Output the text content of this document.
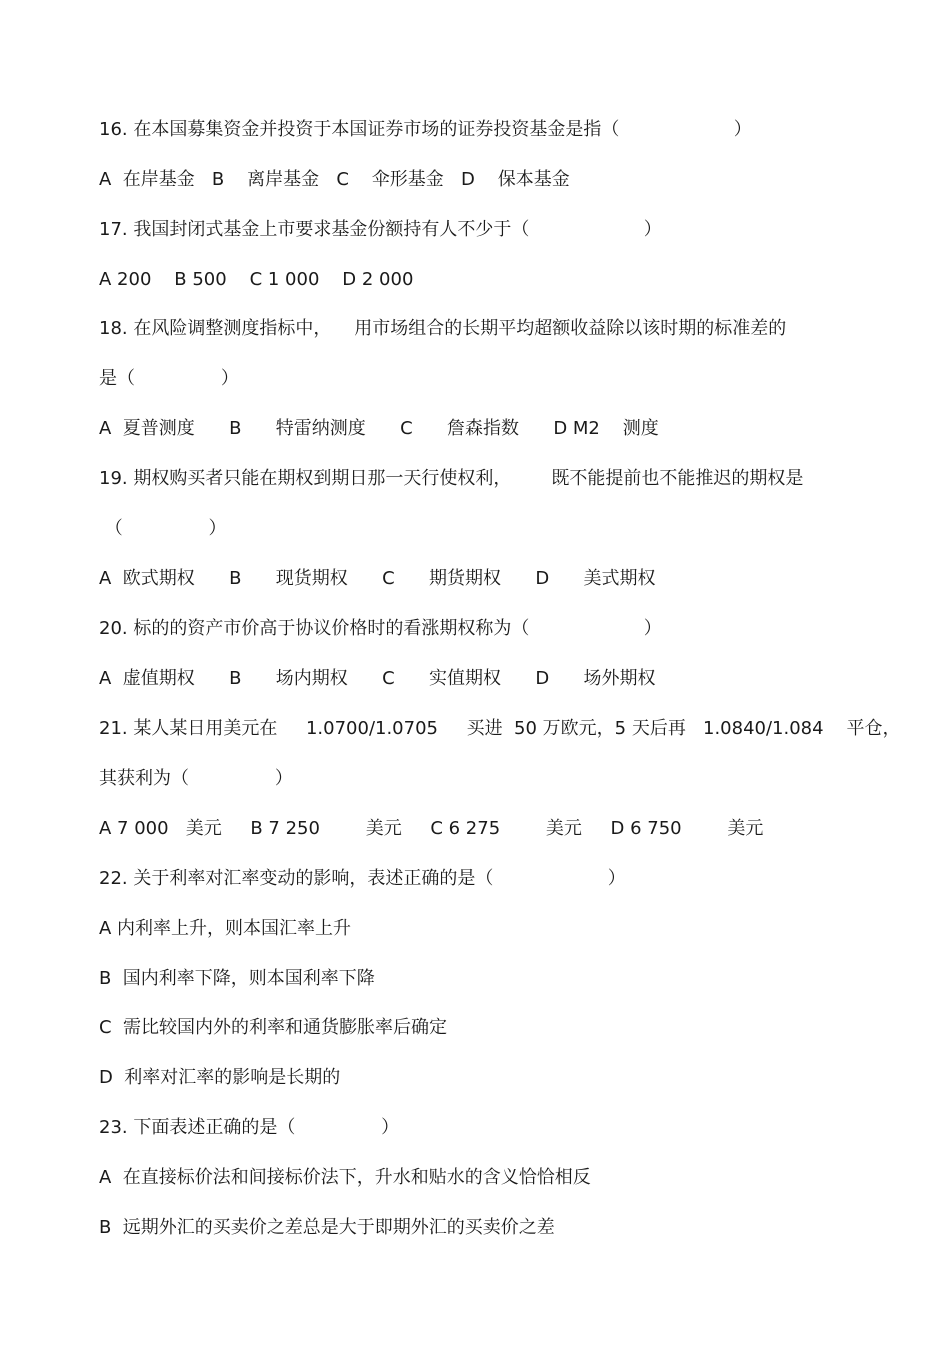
16. 在本国募集资金并投资于本国证券市场的证券投资基金是指（                    ）
A  在岸基金   B    离岸基金   C    伞形基金   D    保本基金
17. 我国封闭式基金上市要求基金份额持有人不少于（                    ）
A 200    B 500    C 1 000    D 2 000
18. 在风险调整测度指标中，    用市场组合的长期平均超额收益除以该时期的标准差的
是（               ）
A  夏普测度      B      特雷纳测度      C      詹森指数      D M2    测度
19. 期权购买者只能在期权到期日那一天行使权利，       既不能提前也不能推迟的期权是
（               ）
A  欧式期权      B      现货期权      C      期货期权      D      美式期权
20. 标的的资产市价高于协议价格时的看涨期权称为（                    ）
A  虚值期权      B      场内期权      C      实值期权      D      场外期权
21. 某人某日用美元在     1.0700/1.0705     买进  50 万欧元，5 天后再   1.0840/1.084    平仓，
其获利为（               ）
A 7 000   美元     B 7 250        美元     C 6 275        美元     D 6 750        美元
22. 关于利率对汇率变动的影响，表述正确的是（                    ）
A 内利率上升，则本国汇率上升
B  国内利率下降，则本国利率下降
C  需比较国内外的利率和通货膨胀率后确定
D  利率对汇率的影响是长期的
23. 下面表述正确的是（               ）
A  在直接标价法和间接标价法下，升水和贴水的含义恰恰相反
B  远期外汇的买卖价之差总是大于即期外汇的买卖价之差
